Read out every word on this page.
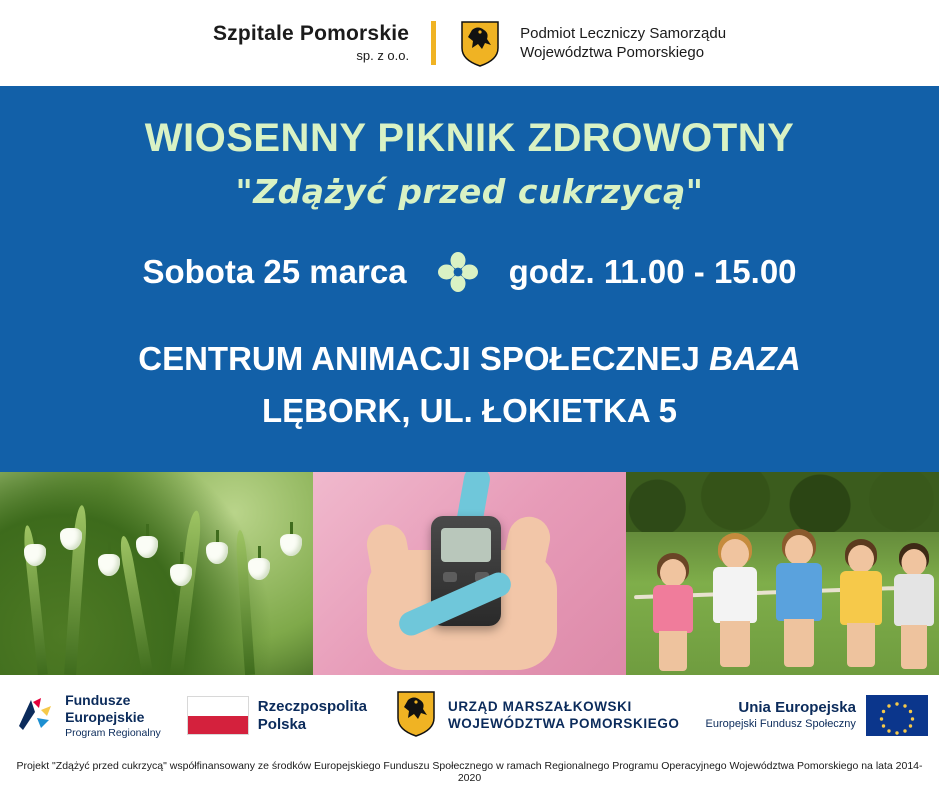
Szpitale Pomorskie
sp. z o.o.
Podmiot Leczniczy Samorządu
Województwa Pomorskiego
WIOSENNY PIKNIK ZDROWOTNY
"Zdążyć przed cukrzycą"
Sobota 25 marca	godz. 11.00 - 15.00
CENTRUM ANIMACJI SPOŁECZNEJ BAZA
LĘBORK, UL. ŁOKIETKA 5
Fundusze
Europejskie
Program Regionalny
Rzeczpospolita
Polska
URZĄD MARSZAŁKOWSKI
WOJEWÓDZTWA POMORSKIEGO
Unia Europejska
Europejski Fundusz Społeczny
Projekt "Zdążyć przed cukrzycą" współfinansowany ze środków Europejskiego Funduszu Społecznego w ramach Regionalnego Programu Operacyjnego Województwa Pomorskiego na lata 2014-2020
